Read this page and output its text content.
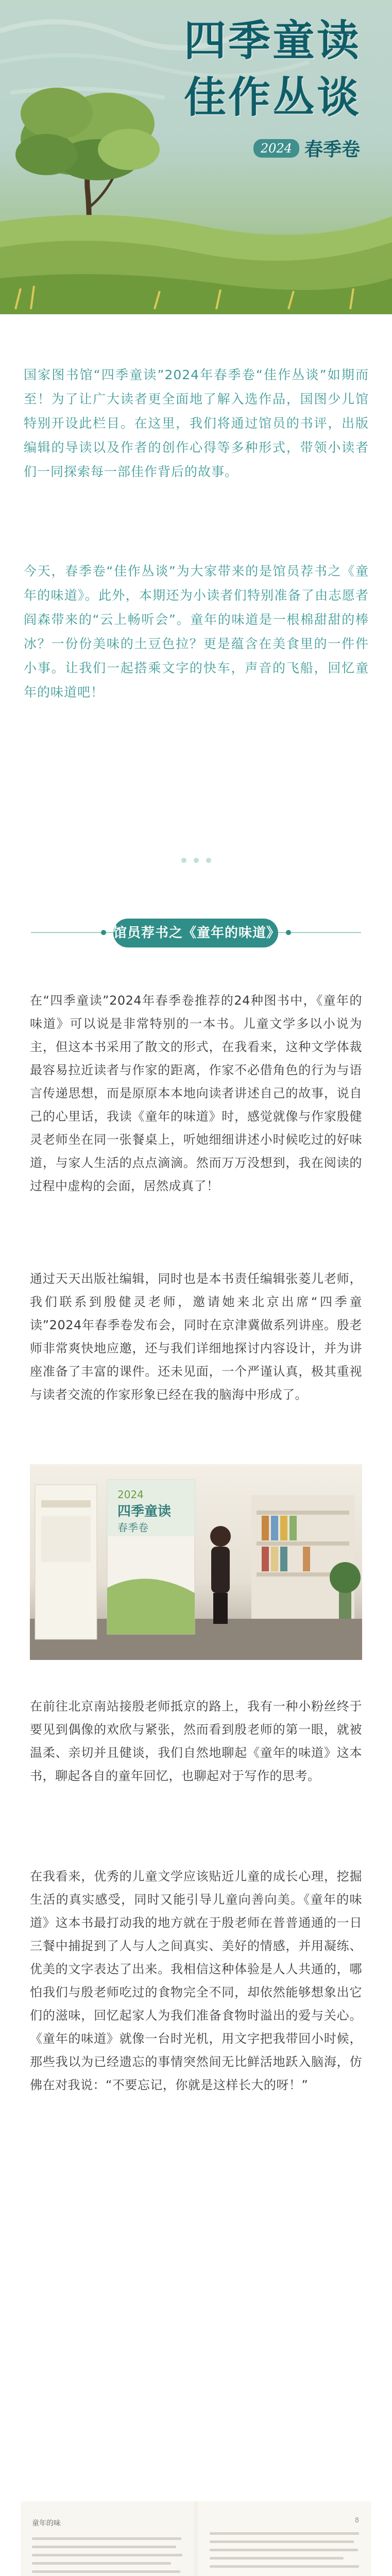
四季童读
佳作丛谈
2024 春季卷

国家图书馆“四季童读”2024年春季卷“佳作丛谈”如期而至！为了让广大读者更全面地了解入选作品，国图少儿馆特别开设此栏目。在这里，我们将通过馆员的书评，出版编辑的导读以及作者的创作心得等多种形式，带领小读者们一同探索每一部佳作背后的故事。

今天，春季卷“佳作丛谈”为大家带来的是馆员荐书之《童年的味道》。此外，本期还为小读者们特别准备了由志愿者阎森带来的“云上畅听会”。童年的味道是一根棉甜甜的棒冰？一份份美味的土豆色拉？更是蕴含在美食里的一件件小事。让我们一起搭乘文字的快车，声音的飞船，回忆童年的味道吧！

馆员荐书之《童年的味道》
在“四季童读”2024年春季卷推荐的24种图书中，《童年的味道》可以说是非常特别的一本书。儿童文学多以小说为主，但这本书采用了散文的形式，在我看来，这种文学体裁最容易拉近读者与作家的距离，作家不必借角色的行为与语言传递思想，而是原原本本地向读者讲述自己的故事，说自己的心里话，我读《童年的味道》时，感觉就像与作家殷健灵老师坐在同一张餐桌上，听她细细讲述小时候吃过的好味道，与家人生活的点点滴滴。然而万万没想到，我在阅读的过程中虚构的会面，居然成真了！
通过天天出版社编辑，同时也是本书责任编辑张菱儿老师，我们联系到殷健灵老师，邀请她来北京出席“四季童读”2024年春季卷发布会，同时在京津冀做系列讲座。殷老师非常爽快地应邀，还与我们详细地探讨内容设计，并为讲座准备了丰富的课件。还未见面，一个严谨认真，极其重视与读者交流的作家形象已经在我的脑海中形成了。
2024
四季童读
春季卷
在前往北京南站接殷老师抵京的路上，我有一种小粉丝终于要见到偶像的欢欣与紧张，然而看到殷老师的第一眼，就被温柔、亲切并且健谈，我们自然地聊起《童年的味道》这本书，聊起各自的童年回忆，也聊起对于写作的思考。
在我看来，优秀的儿童文学应该贴近儿童的成长心理，挖掘生活的真实感受，同时又能引导儿童向善向美。《童年的味道》这本书最打动我的地方就在于殷老师在普普通通的一日三餐中捕捉到了人与人之间真实、美好的情感，并用凝练、优美的文字表达了出来。我相信这种体验是人人共通的，哪怕我们与殷老师吃过的食物完全不同，却依然能够想象出它们的滋味，回忆起家人为我们准备食物时溢出的爱与关心。《童年的味道》就像一台时光机，用文字把我带回小时候，那些我以为已经遗忘的事情突然间无比鲜活地跃入脑海，仿佛在对我说：“不要忘记，你就是这样长大的呀！”
童年的味	8
